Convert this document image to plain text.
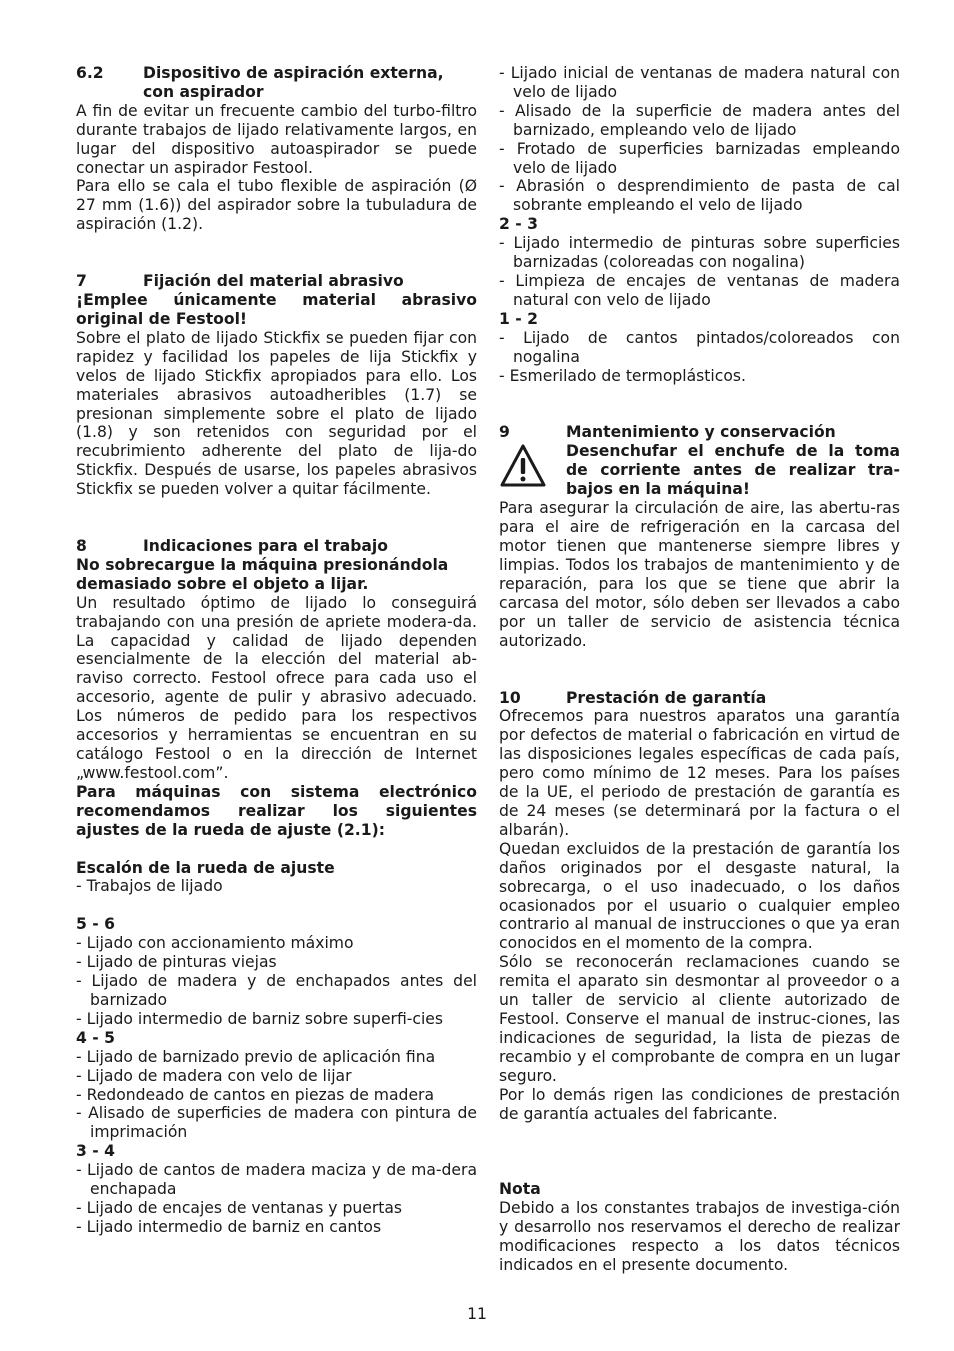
6.2	Dispositivo de aspiración externa, con aspirador

A fin de evitar un frecuente cambio del turbo-filtro durante trabajos de lijado relativamente largos, en lugar del dispositivo autoaspirador se puede conectar un aspirador Festool.

Para ello se cala el tubo flexible de aspiración (Ø 27 mm (1.6)) del aspirador sobre la tubuladura de aspiración (1.2).

7	Fijación del material abrasivo

¡Emplee únicamente material abrasivo original de Festool!

Sobre el plato de lijado Stickfix se pueden fijar con rapidez y facilidad los papeles de lija Stickfix y velos de lijado Stickfix apropiados para ello. Los materiales abrasivos autoadheribles (1.7) se presionan simplemente sobre el plato de lijado (1.8) y son retenidos con seguridad por el recubrimiento adherente del plato de lija-do Stickfix. Después de usarse, los papeles abrasivos Stickfix se pueden volver a quitar fácilmente.

8	Indicaciones para el trabajo

No sobrecargue la máquina presionándola demasiado sobre el objeto a lijar.

Un resultado óptimo de lijado lo conseguirá trabajando con una presión de apriete modera-da. La capacidad y calidad de lijado dependen esencialmente de la elección del material ab-raviso correcto. Festool ofrece para cada uso el accesorio, agente de pulir y abrasivo adecuado. Los números de pedido para los respectivos accesorios y herramientas se encuentran en su catálogo Festool o en la dirección de Internet „www.festool.com”.

Para máquinas con sistema electrónico recomendamos realizar los siguientes ajustes de la rueda de ajuste (2.1):

Escalón de la rueda de ajuste

- Trabajos de lijado

5 - 6

- Lijado con accionamiento máximo

- Lijado de pinturas viejas

- Lijado de madera y de enchapados antes del barnizado

- Lijado intermedio de barniz sobre superfi-cies

4 - 5

- Lijado de barnizado previo de aplicación fina

- Lijado de madera con velo de lijar

- Redondeado de cantos en piezas de madera

- Alisado de superficies de madera con pintura de imprimación

3 - 4

- Lijado de cantos de madera maciza y de ma-dera enchapada

- Lijado de encajes de ventanas y puertas

- Lijado intermedio de barniz en cantos

- Lijado inicial de ventanas de madera natural con velo de lijado

- Alisado de la superficie de madera antes del barnizado, empleando velo de lijado

- Frotado de superficies barnizadas empleando velo de lijado

- Abrasión o desprendimiento de pasta de cal sobrante empleando el velo de lijado

2 - 3

- Lijado intermedio de pinturas sobre superficies barnizadas (coloreadas con nogalina)

- Limpieza de encajes de ventanas de madera natural con velo de lijado

1 - 2

- Lijado de cantos pintados/coloreados con nogalina

- Esmerilado de termoplásticos.

9	Mantenimiento y conservación

Desenchufar el enchufe de la toma de corriente antes de realizar tra-bajos en la máquina!

Para asegurar la circulación de aire, las abertu-ras para el aire de refrigeración en la carcasa del motor tienen que mantenerse siempre libres y limpias. Todos los trabajos de mantenimiento y de reparación, para los que se tiene que abrir la carcasa del motor, sólo deben ser llevados a cabo por un taller de servicio de asistencia técnica autorizado.

10	Prestación de garantía

Ofrecemos para nuestros aparatos una garantía por defectos de material o fabricación en virtud de las disposiciones legales específicas de cada país, pero como mínimo de 12 meses. Para los países de la UE, el periodo de prestación de garantía es de 24 meses (se determinará por la factura o el albarán).

Quedan excluidos de la prestación de garantía los daños originados por el desgaste natural, la sobrecarga, o el uso inadecuado, o los daños ocasionados por el usuario o cualquier empleo contrario al manual de instrucciones o que ya eran conocidos en el momento de la compra.

Sólo se reconocerán reclamaciones cuando se remita el aparato sin desmontar al proveedor o a un taller de servicio al cliente autorizado de Festool. Conserve el manual de instruc-ciones, las indicaciones de seguridad, la lista de piezas de recambio y el comprobante de compra en un lugar seguro.

Por lo demás rigen las condiciones de prestación de garantía actuales del fabricante.

Nota

Debido a los constantes trabajos de investiga-ción y desarrollo nos reservamos el derecho de realizar modificaciones respecto a los datos técnicos indicados en el presente documento.

11
